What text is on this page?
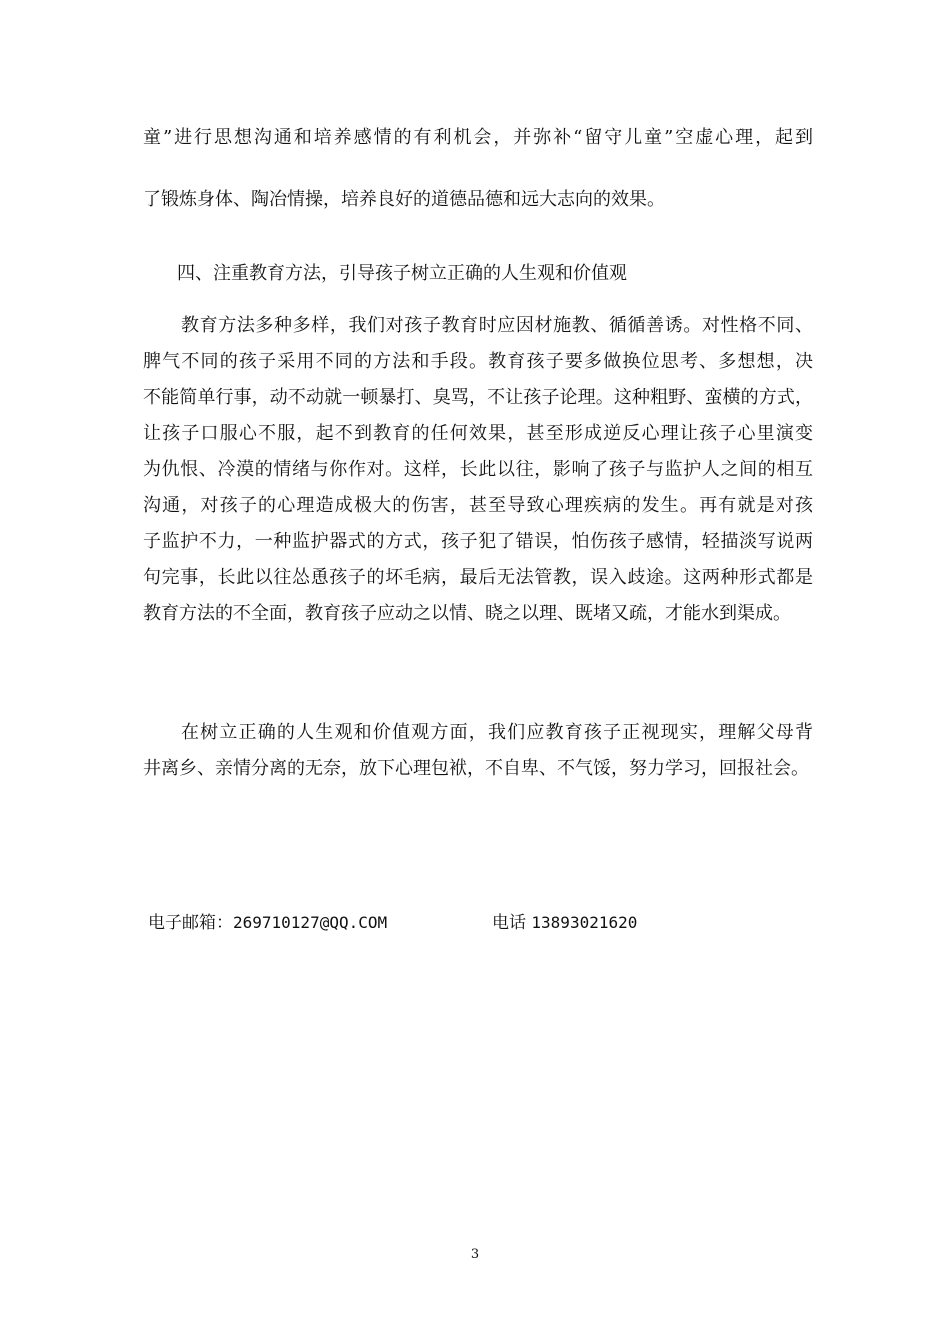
童”进行思想沟通和培养感情的有利机会，并弥补“留守儿童”空虚心理，起到
了锻炼身体、陶冶情操，培养良好的道德品德和远大志向的效果。
四、注重教育方法，引导孩子树立正确的人生观和价值观
教育方法多种多样，我们对孩子教育时应因材施教、循循善诱。对性格不同、
脾气不同的孩子采用不同的方法和手段。教育孩子要多做换位思考、多想想，决
不能简单行事，动不动就一顿暴打、臭骂，不让孩子论理。这种粗野、蛮横的方式，
让孩子口服心不服，起不到教育的任何效果，甚至形成逆反心理让孩子心里演变
为仇恨、冷漠的情绪与你作对。这样，长此以往，影响了孩子与监护人之间的相互
沟通，对孩子的心理造成极大的伤害，甚至导致心理疾病的发生。再有就是对孩
子监护不力，一种监护器式的方式，孩子犯了错误，怕伤孩子感情，轻描淡写说两
句完事，长此以往怂恿孩子的坏毛病，最后无法管教，误入歧途。这两种形式都是
教育方法的不全面，教育孩子应动之以情、晓之以理、既堵又疏，才能水到渠成。
在树立正确的人生观和价值观方面，我们应教育孩子正视现实，理解父母背
井离乡、亲情分离的无奈，放下心理包袱，不自卑、不气馁，努力学习，回报社会。
电子邮箱：269710127@QQ.COM	电话 13893021620
3
